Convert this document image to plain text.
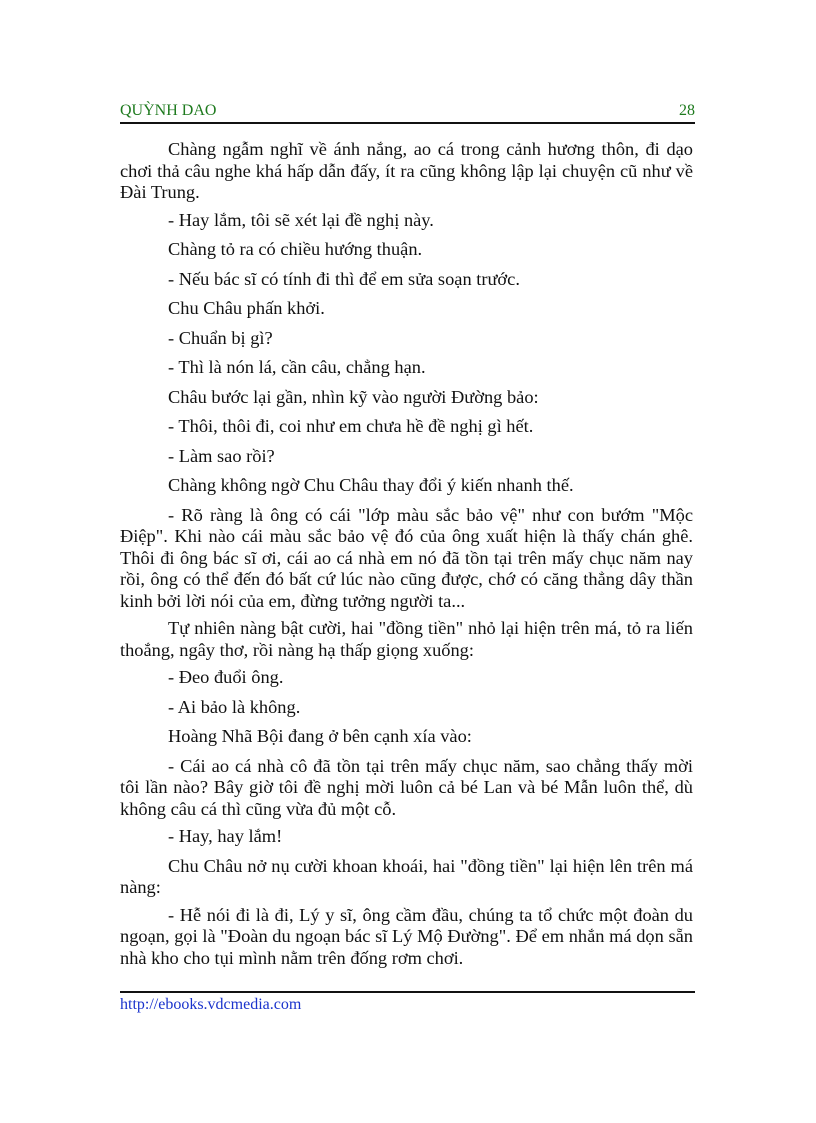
QUỲNH DAO	28

Chàng ngẫm nghĩ về ánh nắng, ao cá trong cảnh hương thôn, đi dạo chơi thả câu nghe khá hấp dẫn đấy, ít ra cũng không lập lại chuyện cũ như về Đài Trung.

- Hay lắm, tôi sẽ xét lại đề nghị này.

Chàng tỏ ra có chiều hướng thuận.

- Nếu bác sĩ có tính đi thì để em sửa soạn trước.

Chu Châu phấn khởi.

- Chuẩn bị gì?

- Thì là nón lá, cần câu, chẳng hạn.

Châu bước lại gần, nhìn kỹ vào người Đường bảo:

- Thôi, thôi đi, coi như em chưa hề đề nghị gì hết.

- Làm sao rồi?

Chàng không ngờ Chu Châu thay đổi ý kiến nhanh thế.

- Rõ ràng là ông có cái "lớp màu sắc bảo vệ" như con bướm "Mộc Điệp". Khi nào cái màu sắc bảo vệ đó của ông xuất hiện là thấy chán ghê. Thôi đi ông bác sĩ ơi, cái ao cá nhà em nó đã tồn tại trên mấy chục năm nay rồi, ông có thể đến đó bất cứ lúc nào cũng được, chớ có căng thẳng dây thần kinh bởi lời nói của em, đừng tưởng người ta...

Tự nhiên nàng bật cười, hai "đồng tiền" nhỏ lại hiện trên má, tỏ ra liến thoắng, ngây thơ, rồi nàng hạ thấp giọng xuống:

- Đeo đuổi ông.

- Ai bảo là không.

Hoàng Nhã Bội đang ở bên cạnh xía vào:

- Cái ao cá nhà cô đã tồn tại trên mấy chục năm, sao chẳng thấy mời tôi lần nào? Bây giờ tôi đề nghị mời luôn cả bé Lan và bé Mẫn luôn thể, dù không câu cá thì cũng vừa đủ một cỗ.

- Hay, hay lắm!

Chu Châu nở nụ cười khoan khoái, hai "đồng tiền" lại hiện lên trên má nàng:

- Hễ nói đi là đi, Lý y sĩ, ông cầm đầu, chúng ta tổ chức một đoàn du ngoạn, gọi là "Đoàn du ngoạn bác sĩ Lý Mộ Đường". Để em nhắn má dọn sẵn nhà kho cho tụi mình nằm trên đống rơm chơi.

http://ebooks.vdcmedia.com
